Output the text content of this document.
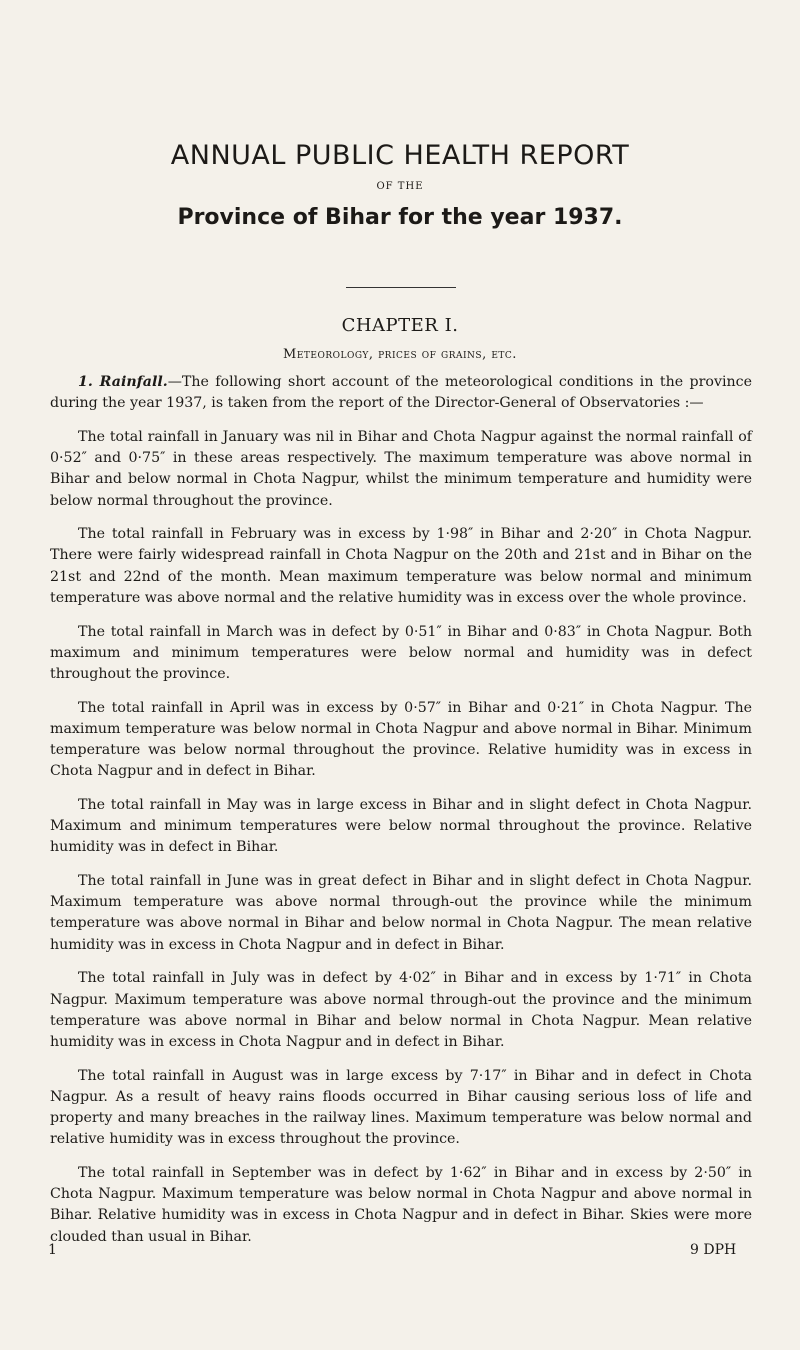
ANNUAL PUBLIC HEALTH REPORT
OF THE
Province of Bihar for the year 1937.
CHAPTER I.
Meteorology, prices of grains, etc.

1. Rainfall.—The following short account of the meteorological conditions in the province during the year 1937, is taken from the report of the Director-General of Observatories :—

The total rainfall in January was nil in Bihar and Chota Nagpur against the normal rainfall of 0·52″ and 0·75″ in these areas respectively. The maximum temperature was above normal in Bihar and below normal in Chota Nagpur, whilst the minimum temperature and humidity were below normal throughout the province.

The total rainfall in February was in excess by 1·98″ in Bihar and 2·20″ in Chota Nagpur. There were fairly widespread rainfall in Chota Nagpur on the 20th and 21st and in Bihar on the 21st and 22nd of the month. Mean maximum temperature was below normal and minimum temperature was above normal and the relative humidity was in excess over the whole province.

The total rainfall in March was in defect by 0·51″ in Bihar and 0·83″ in Chota Nagpur. Both maximum and minimum temperatures were below normal and humidity was in defect throughout the province.

The total rainfall in April was in excess by 0·57″ in Bihar and 0·21″ in Chota Nagpur. The maximum temperature was below normal in Chota Nagpur and above normal in Bihar. Minimum temperature was below normal throughout the province. Relative humidity was in excess in Chota Nagpur and in defect in Bihar.

The total rainfall in May was in large excess in Bihar and in slight defect in Chota Nagpur. Maximum and minimum temperatures were below normal throughout the province. Relative humidity was in defect in Bihar.

The total rainfall in June was in great defect in Bihar and in slight defect in Chota Nagpur. Maximum temperature was above normal through-out the province while the minimum temperature was above normal in Bihar and below normal in Chota Nagpur. The mean relative humidity was in excess in Chota Nagpur and in defect in Bihar.

The total rainfall in July was in defect by 4·02″ in Bihar and in excess by 1·71″ in Chota Nagpur. Maximum temperature was above normal through-out the province and the minimum temperature was above normal in Bihar and below normal in Chota Nagpur. Mean relative humidity was in excess in Chota Nagpur and in defect in Bihar.

The total rainfall in August was in large excess by 7·17″ in Bihar and in defect in Chota Nagpur. As a result of heavy rains floods occurred in Bihar causing serious loss of life and property and many breaches in the railway lines. Maximum temperature was below normal and relative humidity was in excess throughout the province.

The total rainfall in September was in defect by 1·62″ in Bihar and in excess by 2·50″ in Chota Nagpur. Maximum temperature was below normal in Chota Nagpur and above normal in Bihar. Relative humidity was in excess in Chota Nagpur and in defect in Bihar. Skies were more clouded than usual in Bihar.

1	9 DPH
